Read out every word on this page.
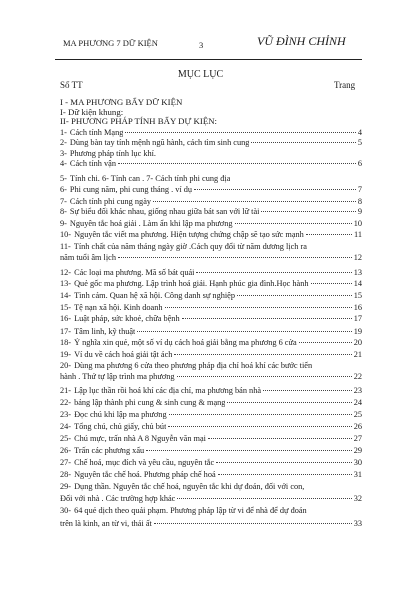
MA PHƯƠNG 7 DỮ KIỆN	3	VŨ ĐÌNH CHỈNH
MỤC LỤC
Số TT	Trang
I - MA PHƯƠNG BẨY DỮ KIỆN
I- Dữ kiện khung:
II- PHƯƠNG PHÁP TÍNH BẨY DỰ KIỆN:
1- Cách tính Mạng	4
2- Dùng bàn tay tính mệnh ngũ hành, cách tìm sinh cung	5
3- Phương pháp tính lục khí.
4- Cách tính vận	6
5- Tính chi. 6- Tính can . 7- Cách tính phi cung địa
6- Phi cung năm, phi cung tháng . ví dụ	7
7- Cách tính phi cung ngày	8
8- Sự biểu đối khác nhau, giống nhau giữa bát san với lữ tài	9
9- Nguyên tắc hoá giải . Làm ẩn khi lập ma phương	10
10- Nguyên tắc viết ma phương. Hiện tượng chứng chập sẽ tạo sức mạnh	11
11- Tính chất của năm tháng ngày giờ .Cách quy đổi từ năm dương lịch ra
năm tuổi âm lịch	12
12- Các loại ma phương. Mã số bát quái	13
13- Quẻ gốc ma phương. Lập trình hoá giải. Hạnh phúc gia đình.Học hành	14
14- Tình cảm. Quan hệ xã hội. Công danh sự nghiệp	15
15- Tệ nạn xã hội. Kinh doanh	16
16- Luật pháp, sức khoẻ, chữa bệnh	17
17- Tâm linh, kỹ thuật	19
18- Ý nghĩa xin quẻ, một số ví dụ cách hoá giải bằng ma phương 6 cửa	20
19- Ví du về cách hoá giải tật ách	21
20- Dùng ma phương 6 cửa theo phương pháp địa chỉ hoá khí các bước tiến
hành . Thứ tự lập trình ma phương	22
21- Lập lục thần rồi hoá khí các địa chỉ, ma phương bán nhà	23
22- bảng lập thành phi cung & sinh cung & mạng	24
23- Đọc chú khi lập ma phương	25
24- Tổng chú, chủ giấy, chủ bút	26
25- Chú mực, trấn nhà A 8 Nguyễn văn mại	27
26- Trấn các phương xấu	29
27- Chế hoá, mục đích và yêu cầu, nguyên tắc	30
28- Nguyên tắc chế hoá. Phương pháp chế hoá	31
29- Dụng thần. Nguyên tắc chế hoá, nguyên tắc khi dự đoán, đối với con,
Đối với nhà . Các trường hợp khác	32
30- 64 quẻ dịch theo quải phạm. Phương pháp lập từ vi để nhà để dự đoán
trên là kinh, an từ vi, thái ất	33
